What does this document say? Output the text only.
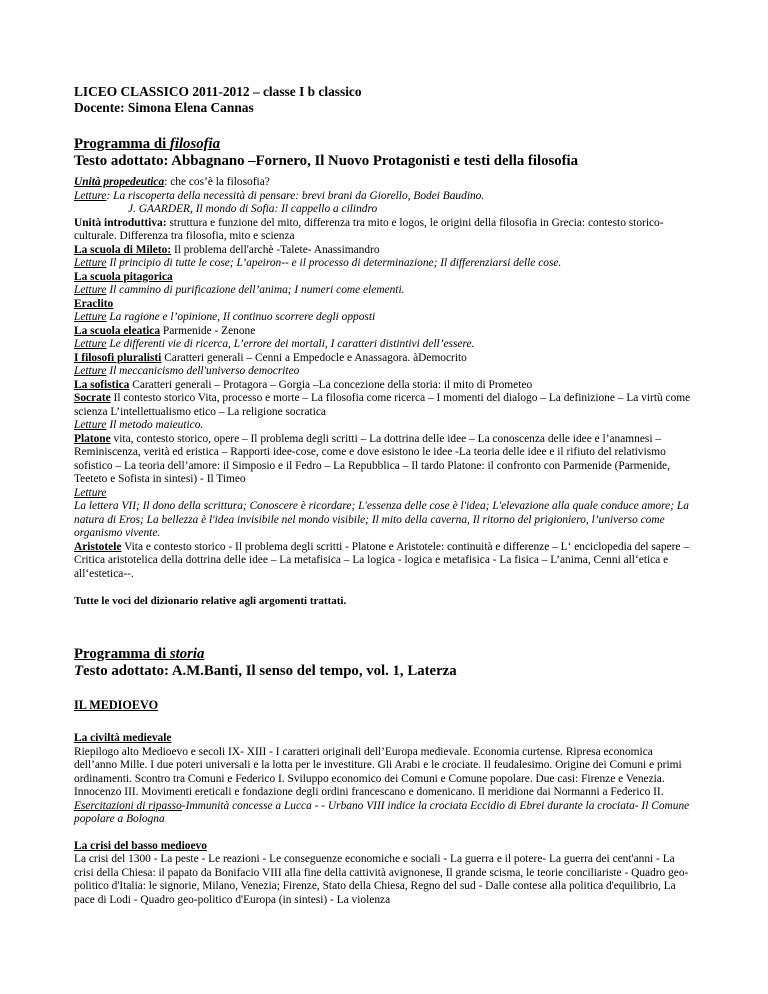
LICEO CLASSICO 2011-2012 – classe I b classico

Docente: Simona Elena Cannas

Programma di filosofia

Testo adottato: Abbagnano –Fornero, Il Nuovo Protagonisti e testi della filosofia

Unità propedeutica: che cos’è la filosofia?

Letture: La riscoperta della necessità di pensare: brevi brani da Giorello, Bodei Baudino.

J. GAARDER, Il mondo di Sofia: Il cappello a cilindro

Unità introduttiva: struttura e funzione del mito, differenza tra mito e logos, le origini della filosofia in Grecia: contesto storico-culturale. Differenza tra filosofia, mito e scienza

La scuola di Mileto: Il problema dell'archè -Talete- Anassimandro

Letture Il principio di tutte le cose; L’apeiron-- e il processo di determinazione; Il differenziarsi delle cose.

La scuola pitagorica

Letture Il cammino di purificazione dell’anima; I numeri come elementi.

Eraclito

Letture La ragione e l’opinione, Il continuo scorrere degli opposti

La scuola eleatica Parmenide - Zenone

Letture Le differenti vie di ricerca, L’errore dei mortali, I caratteri distintivi dell’essere.

I filosofi pluralisti Caratteri generali – Cenni a Empedocle e Anassagora. àDemocrito

Letture Il meccanicismo dell'universo democriteo

La sofistica Caratteri generali – Protagora – Gorgia –La concezione della storia: il mito di Prometeo

Socrate Il contesto storico Vita, processo e morte – La filosofia come ricerca – I momenti del dialogo – La definizione – La virtù come scienza L’intellettualismo etico – La religione socratica

Letture Il metodo maieutico.

Platone vita, contesto storico, opere – Il problema degli scritti – La dottrina delle idee – La conoscenza delle idee e l’anamnesi – Reminiscenza, verità ed eristica – Rapporti idee-cose, come e dove esistono le idee -La teoria delle idee e il rifiuto del relativismo sofistico – La teoria dell’amore: il Simposio e il Fedro – La Repubblica – Il tardo Platone: il confronto con Parmenide (Parmenide, Teeteto e Sofista in sintesi) - Il Timeo

Letture

La lettera VII; Il dono della scrittura; Conoscere è ricordare; L'essenza delle cose è l'idea; L'elevazione alla quale conduce amore; La natura di Eros; La bellezza è l'idea invisibile nel mondo visibile; Il mito della caverna, Il ritorno del prigioniero, l’universo come organismo vivente.

Aristotele Vita e contesto storico - Il problema degli scritti - Platone e Aristotele: continuità e differenze – L‘ enciclopedia del sapere – Critica aristotelica della dottrina delle idee – La metafisica – La logica - logica e metafisica - La fisica – L’anima, Cenni all‘etica e all‘estetica--.

Tutte le voci del dizionario relative agli argomenti trattati.

Programma di storia

Testo adottato: A.M.Banti, Il senso del tempo, vol. 1, Laterza

IL MEDIOEVO

La civiltà medievale

Riepilogo alto Medioevo e secoli IX- XIII - I caratteri originali dell’Europa medievale. Economia curtense. Ripresa economica dell’anno Mille. I due poteri universali e la lotta per le investiture. Gli Arabi e le crociate. Il feudalesimo. Origine dei Comuni e primi ordinamenti. Scontro tra Comuni e Federico I. Sviluppo economico dei Comuni e Comune popolare. Due casi: Firenze e Venezia. Innocenzo III. Movimenti ereticali e fondazione degli ordini francescano e domenicano. Il meridione dai Normanni a Federico II.

Esercitazioni di ripasso-Immunità concesse a Lucca - - Urbano VIII indice la crociata Eccidio di Ebrei durante la crociata- Il Comune popolare a Bologna

La crisi del basso medioevo

La crisi del 1300 - La peste - Le reazioni - Le conseguenze economiche e sociali - La guerra e il potere- La guerra dei cent'anni - La crisi della Chiesa: il papato da Bonifacio VIII alla fine della cattività avignonese, Il grande scisma, le teorie conciliariste - Quadro geo-politico d'Italia: le signorie, Milano, Venezia; Firenze, Stato della Chiesa, Regno del sud - Dalle contese alla politica d'equilibrio, La pace di Lodi - Quadro geo-politico d'Europa (in sintesi) - La violenza
